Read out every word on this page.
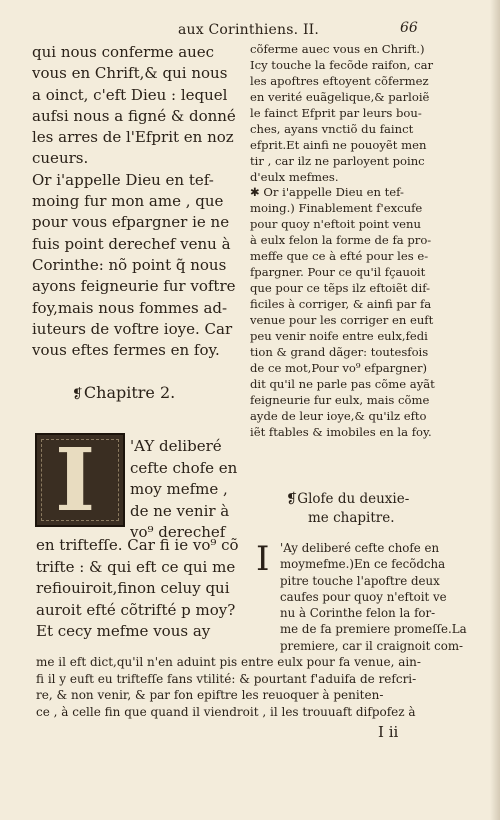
aux Corinthiens. II.	66
qui nous conferme auec
vous en Chrift,& qui nous
a oinct, c'eft Dieu : lequel
aufsi nous a figné & donné
les arres de l'Efprit en noz
cueurs.
Or i'appelle Dieu en tef-
moing fur mon ame , que
pour vous efpargner ie ne
fuis point derechef venu à
Corinthe: nõ point q̃ nous
ayons feigneurie fur voftre
foy,mais nous fommes ad-
iuteurs de voftre ioye. Car
vous eftes fermes en foy.
❡Chapitre 2.
I 'AY deliberé
cefte chofe en
moy mefme ,
de ne venir à
vo⁹ derechef
en triftefſe. Car fi ie vo⁹ cõ
trifte : & qui eft ce qui me
refiouiroit,finon celuy qui
auroit efté cõtrifté p moy?
Et cecy mefme vous ay
cõferme auec vous en Chrift.)
Icy touche la fecõde raifon, car
les apoftres eftoyent cõfermez
en verité euãgelique,& parloiẽ
le fainct Efprit par leurs bou-
ches, ayans vnctiõ du fainct
efprit.Et ainfi ne pouoyẽt men
tir , car ilz ne parloyent poinc
d'eulx mefmes.
✱ Or i'appelle Dieu en tef-
moing.) Finablement f'excufe
pour quoy n'eftoit point venu
à eulx felon la forme de fa pro-
meffe que ce à efté pour les e-
fpargner. Pour ce qu'il fçauoit
que pour ce tẽps ilz eftoiẽt dif-
ficiles à corriger, & ainfi par fa
venue pour les corriger en euft
peu venir noife entre eulx,fedi
tion & grand dãger: toutesfois
de ce mot,Pour vo⁹ efpargner)
dit qu'il ne parle pas cõme ayãt
feigneurie fur eulx, mais cõme
ayde de leur ioye,& qu'ilz efto
iẽt ftables & imobiles en la foy.
❡Glofe du deuxie-
me chapitre.
I 'Ay deliberé cefte chofe en
moymefme.)En ce fecõdcha
pitre touche l'apoftre deux
caufes pour quoy n'eftoit ve
nu à Corinthe felon la for-
me de fa premiere promeſſe.La
premiere, car il craignoit com-
me il eft dict,qu'il n'en aduint pis entre eulx pour fa venue, ain-
fi il y euft eu triftefſe fans vtilité: & pourtant f'aduifa de refcri-
re, & non venir, & par fon epiftre les reuoquer à peniten-
ce , à celle fin que quand il viendroit , il les trouuaft difpofez à
I ii
